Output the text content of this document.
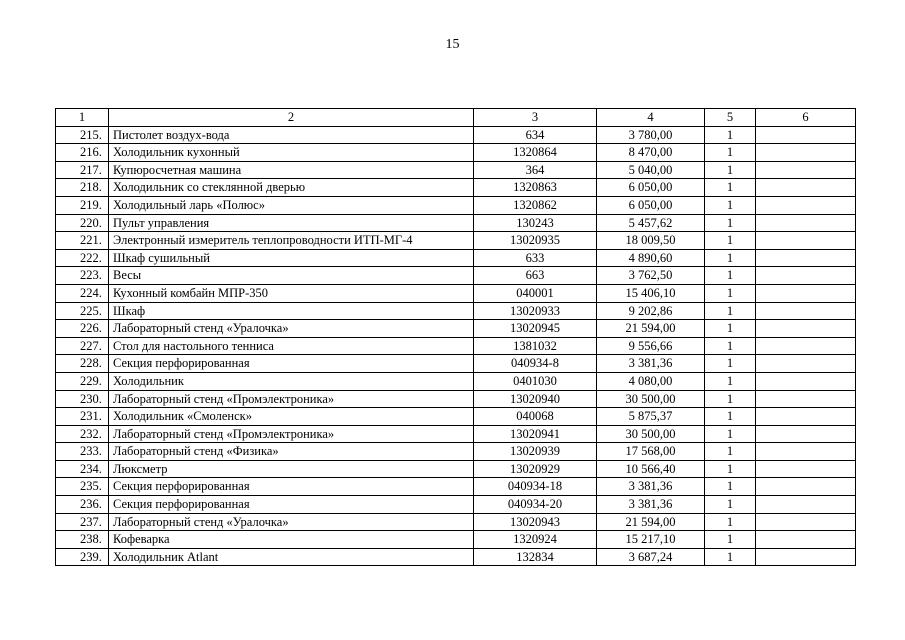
15
1	2	3	4	5	6
215.	Пистолет воздух-вода	634	3 780,00	1	
216.	Холодильник кухонный	1320864	8 470,00	1	
217.	Купюросчетная машина	364	5 040,00	1	
218.	Холодильник со стеклянной дверью	1320863	6 050,00	1	
219.	Холодильный ларь «Полюс»	1320862	6 050,00	1	
220.	Пульт управления	130243	5 457,62	1	
221.	Электронный измеритель теплопроводности ИТП-МГ-4	13020935	18 009,50	1	
222.	Шкаф сушильный	633	4 890,60	1	
223.	Весы	663	3 762,50	1	
224.	Кухонный комбайн МПР-350	040001	15 406,10	1	
225.	Шкаф	13020933	9 202,86	1	
226.	Лабораторный стенд «Уралочка»	13020945	21 594,00	1	
227.	Стол для настольного тенниса	1381032	9 556,66	1	
228.	Секция перфорированная	040934-8	3 381,36	1	
229.	Холодильник	0401030	4 080,00	1	
230.	Лабораторный стенд «Промэлектроника»	13020940	30 500,00	1	
231.	Холодильник «Смоленск»	040068	5 875,37	1	
232.	Лабораторный стенд «Промэлектроника»	13020941	30 500,00	1	
233.	Лабораторный стенд «Физика»	13020939	17 568,00	1	
234.	Люксметр	13020929	10 566,40	1	
235.	Секция перфорированная	040934-18	3 381,36	1	
236.	Секция перфорированная	040934-20	3 381,36	1	
237.	Лабораторный стенд «Уралочка»	13020943	21 594,00	1	
238.	Кофеварка	1320924	15 217,10	1	
239.	Холодильник Atlant	132834	3 687,24	1	
